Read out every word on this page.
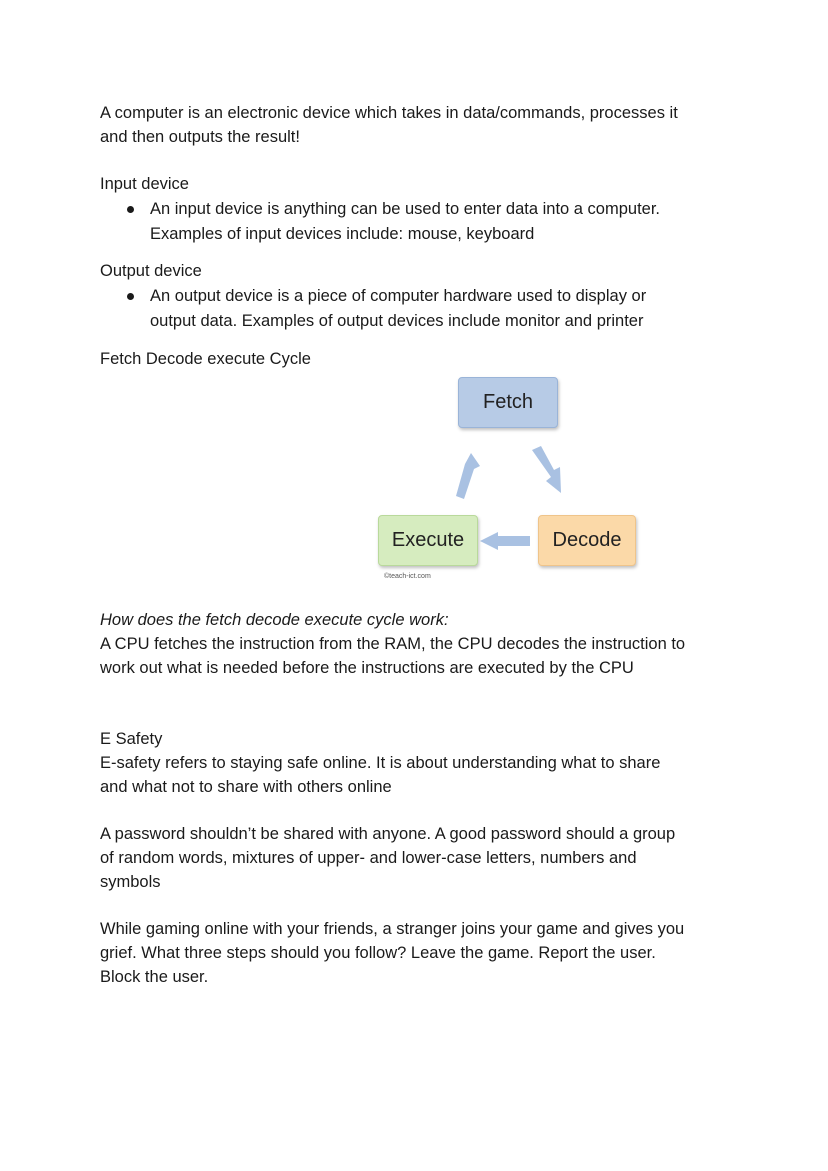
A computer is an electronic device which takes in data/commands, processes it
and then outputs the result!

Input device

An input device is anything can be used to enter data into a computer.
Examples of input devices include: mouse, keyboard

Output device

An output device is a piece of computer hardware used to display or
output data. Examples of output devices include monitor and printer

Fetch Decode execute Cycle

Fetch
Execute	Decode
©teach-ict.com

How does the fetch decode execute cycle work:
A CPU fetches the instruction from the RAM, the CPU decodes the instruction to
work out what is needed before the instructions are executed by the CPU

E Safety

E-safety refers to staying safe online. It is about understanding what to share
and what not to share with others online

A password shouldn’t be shared with anyone. A good password should a group
of random words, mixtures of upper- and lower-case letters, numbers and
symbols

While gaming online with your friends, a stranger joins your game and gives you
grief. What three steps should you follow? Leave the game. Report the user.
Block the user.
